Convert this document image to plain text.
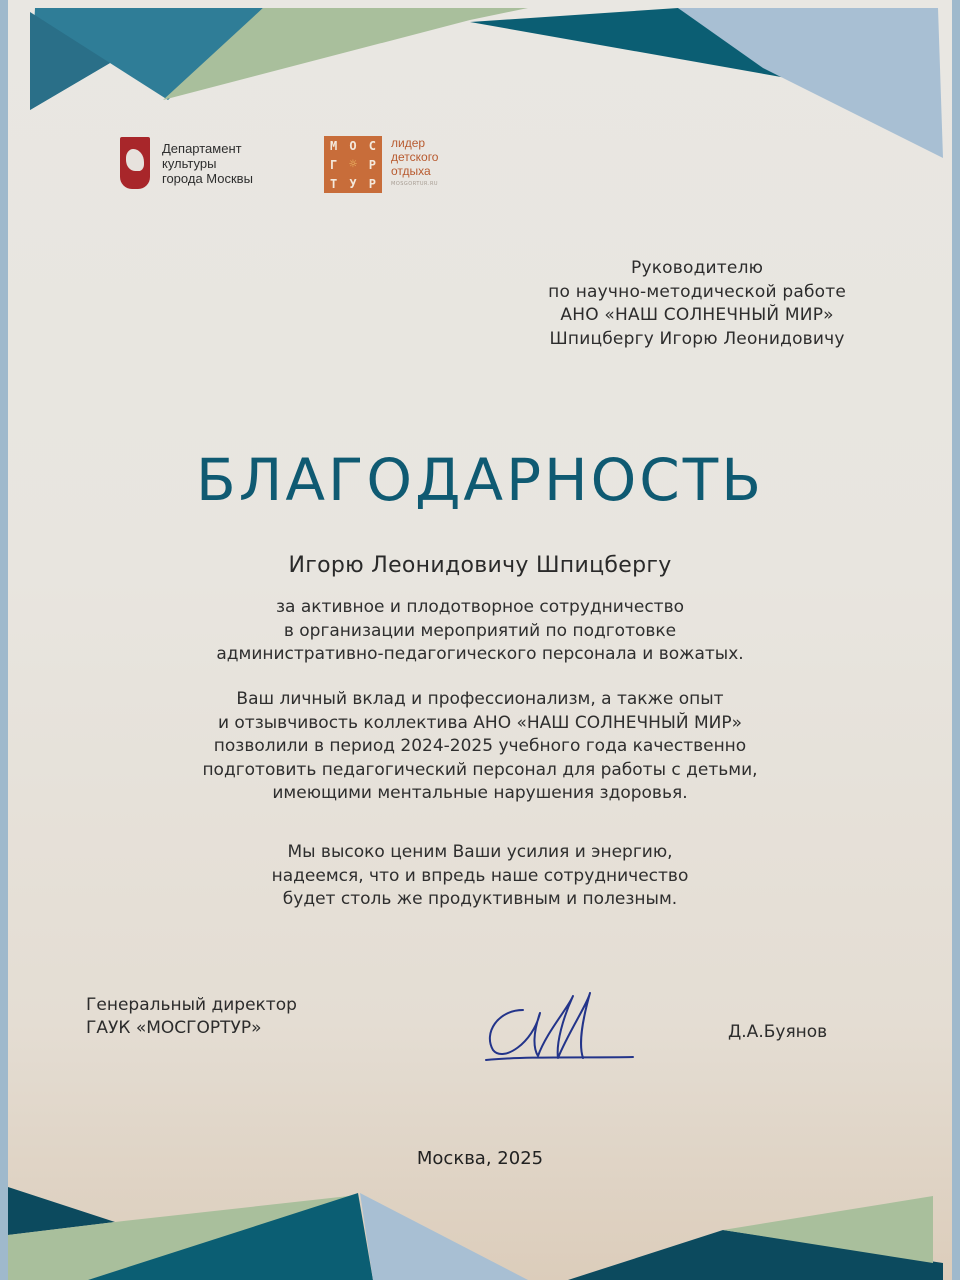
Департамент
культуры
города Москвы
М О С
Г ☼ Р
Т У Р
лидер
детского
отдыха
MOSGORTUR.RU
Руководителю
по научно-методической работе
АНО «НАШ СОЛНЕЧНЫЙ МИР»
Шпицбергу Игорю Леонидовичу
БЛАГОДАРНОСТЬ
Игорю Леонидовичу Шпицбергу
за активное и плодотворное сотрудничество
в организации мероприятий по подготовке
административно-педагогического персонала и вожатых.
Ваш личный вклад и профессионализм, а также опыт
и отзывчивость коллектива АНО «НАШ СОЛНЕЧНЫЙ МИР»
позволили в период 2024-2025 учебного года качественно
подготовить педагогический персонал для работы с детьми,
имеющими ментальные нарушения здоровья.
Мы высоко ценим Ваши усилия и энергию,
надеемся, что и впредь наше сотрудничество
будет столь же продуктивным и полезным.
Генеральный директор
ГАУК «МОСГОРТУР»	Д.А.Буянов
Москва, 2025
